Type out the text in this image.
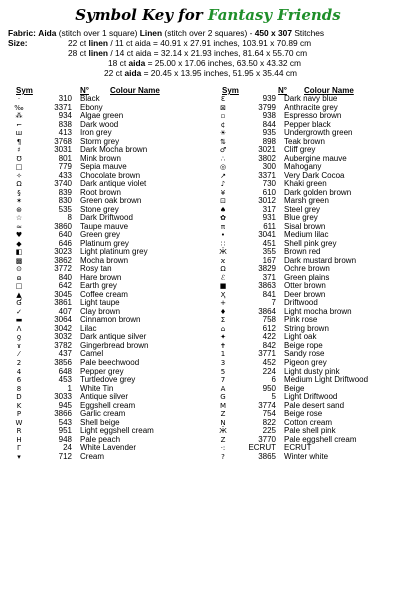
Symbol Key for Fantasy Friends
Fabric: Aida (stitch over 1 square) Linen (stitch over 2 squares) - 450 x 307 Stitches
Size:	22 ct linen / 11 ct aida = 40.91 x 27.91 inches, 103.91 x 70.89 cm
28 ct linen / 14 ct aida = 32.14 x 21.93 inches, 81.64 x 55.70 cm
18 ct aida = 25.00 x 17.06 inches, 63.50 x 43.32 cm
22 ct aida = 20.45 x 13.95 inches, 51.95 x 35.44 cm
Sym	N°	Colour Name	Sym	N° Colour Name
·	310	Black
‰	3371	Ebony
⁂	934	Algae green
⌐	838	Dark wood
ш	413	Iron grey
¶	3768	Storm grey
♯	3031	Dark Mocha brown
℧	801	Mink brown
□	779	Sepia mauve
✧	433	Chocolate brown
Ω	3740	Dark antique violet
§	839	Root brown
✶	830	Green oak brown
⊛	535	Stone grey
☆	8	Dark Driftwood
≈	3860	Taupe mauve
♥	640	Green grey
◆	646	Platinum grey
◧	3023	Light platinum grey
▩	3862	Mocha brown
⊙	3772	Rosy tan
ɷ	840	Hare brown
□	642	Earth grey
▲	3045	Coffee cream
Ɠ	3861	Light taupe
✓	407	Clay brown
▬	3064	Cinnamon brown
Ʌ	3042	Lilac
ƍ	3032	Dark antique silver
ɤ	3782	Gingerbread brown
⁄	437	Camel
2	3856	Pale beechwood
4	648	Pepper grey
6	453	Turtledove grey
8	1	White Tin
D	3033	Antique silver
K	945	Eggshell cream
P	3866	Garlic cream
W	543	Shell beige
R	951	Light eggshell cream
H	948	Pale peach
Γ	24	White Lavender
▾	712	Cream
Ɛ	939	Dark navy blue
⊠	3799	Anthracite grey
▫	938	Espresso brown
¢	844	Pepper black
☀	935	Undergrowth green
⇅	898	Teak brown
♂	3021	Cliff grey
∴	3802	Aubergine mauve
◎	300	Mahogany
↗	3371	Very Dark Cocoa
♪	730	Khaki green
¥	610	Dark golden brown
⊡	3012	Marsh green
♠	317	Steel grey
✿	931	Blue grey
π	611	Sisal brown
•	3041	Medium lilac
∷	451	Shell pink grey
Ӝ	355	Brown red
ϰ	167	Dark mustard brown
Ω	3829	Ochre brown
ℰ	371	Green plains
■	3863	Otter brown
Ҳ	841	Deer brown
+	7	Driftwood
♦	3864	Light mocha brown
Σ	758	Pink rose
⌂	612	String brown
✦	422	Light oak
✝	842	Beige rope
1	3771	Sandy rose
3	452	Pigeon grey
5	224	Light dusty pink
7	6	Medium Light Driftwood
A	950	Beige
G	5	Light Driftwood
M	3774	Pale desert sand
Z	754	Beige rose
N	822	Cotton cream
Ӂ	225	Pale shell pink
Z	3770	Pale eggshell cream
·:	ECRUT	ECRUT
?	3865	Winter white
